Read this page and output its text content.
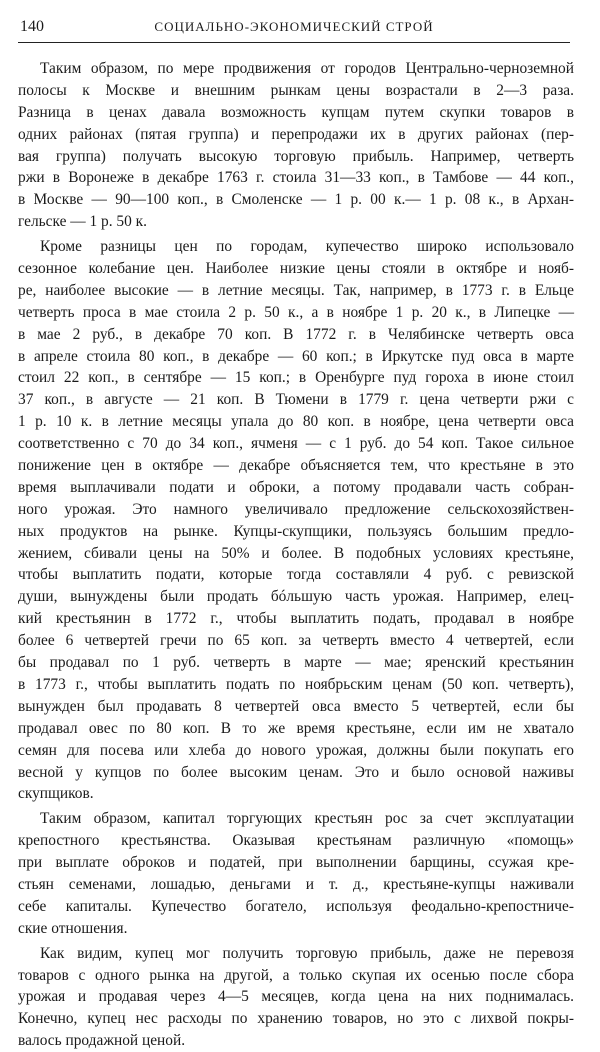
140	СОЦИАЛЬНО-ЭКОНОМИЧЕСКИЙ СТРОЙ
Таким образом, по мере продвижения от городов Центрально-черноземной
полосы к Москве и внешним рынкам цены возрастали в 2—3 раза.
Разница в ценах давала возможность купцам путем скупки товаров в
одних районах (пятая группа) и перепродажи их в других районах (пер-
вая группа) получать высокую торговую прибыль. Например, четверть
ржи в Воронеже в декабре 1763 г. стоила 31—33 коп., в Тамбове — 44 коп.,
в Москве — 90—100 коп., в Смоленске — 1 р. 00 к.— 1 р. 08 к., в Архан-
гельске — 1 р. 50 к.
Кроме разницы цен по городам, купечество широко использовало
сезонное колебание цен. Наиболее низкие цены стояли в октябре и нояб-
ре, наиболее высокие — в летние месяцы. Так, например, в 1773 г. в Ельце
четверть проса в мае стоила 2 р. 50 к., а в ноябре 1 р. 20 к., в Липецке —
в мае 2 руб., в декабре 70 коп. В 1772 г. в Челябинске четверть овса
в апреле стоила 80 коп., в декабре — 60 коп.; в Иркутске пуд овса в марте
стоил 22 коп., в сентябре — 15 коп.; в Оренбурге пуд гороха в июне стоил
37 коп., в августе — 21 коп. В Тюмени в 1779 г. цена четверти ржи с
1 р. 10 к. в летние месяцы упала до 80 коп. в ноябре, цена четверти овса
соответственно с 70 до 34 коп., ячменя — с 1 руб. до 54 коп. Такое сильное
понижение цен в октябре — декабре объясняется тем, что крестьяне в это
время выплачивали подати и оброки, а потому продавали часть собран-
ного урожая. Это намного увеличивало предложение сельскохозяйствен-
ных продуктов на рынке. Купцы-скупщики, пользуясь большим предло-
жением, сбивали цены на 50% и более. В подобных условиях крестьяне,
чтобы выплатить подати, которые тогда составляли 4 руб. с ревизской
души, вынуждены были продать бóльшую часть урожая. Например, елец-
кий крестьянин в 1772 г., чтобы выплатить подать, продавал в ноябре
более 6 четвертей гречи по 65 коп. за четверть вместо 4 четвертей, если
бы продавал по 1 руб. четверть в марте — мае; яренский крестьянин
в 1773 г., чтобы выплатить подать по ноябрьским ценам (50 коп. четверть),
вынужден был продавать 8 четвертей овса вместо 5 четвертей, если бы
продавал овес по 80 коп. В то же время крестьяне, если им не хватало
семян для посева или хлеба до нового урожая, должны были покупать его
весной у купцов по более высоким ценам. Это и было основой наживы
скупщиков.
Таким образом, капитал торгующих крестьян рос за счет эксплуатации
крепостного крестьянства. Оказывая крестьянам различную «помощь»
при выплате оброков и податей, при выполнении барщины, ссужая кре-
стьян семенами, лошадью, деньгами и т. д., крестьяне-купцы наживали
себе капиталы. Купечество богатело, используя феодально-крепостниче-
ские отношения.
Как видим, купец мог получить торговую прибыль, даже не перевозя
товаров с одного рынка на другой, а только скупая их осенью после сбора
урожая и продавая через 4—5 месяцев, когда цена на них поднималась.
Конечно, купец нес расходы по хранению товаров, но это с лихвой покры-
валось продажной ценой.
